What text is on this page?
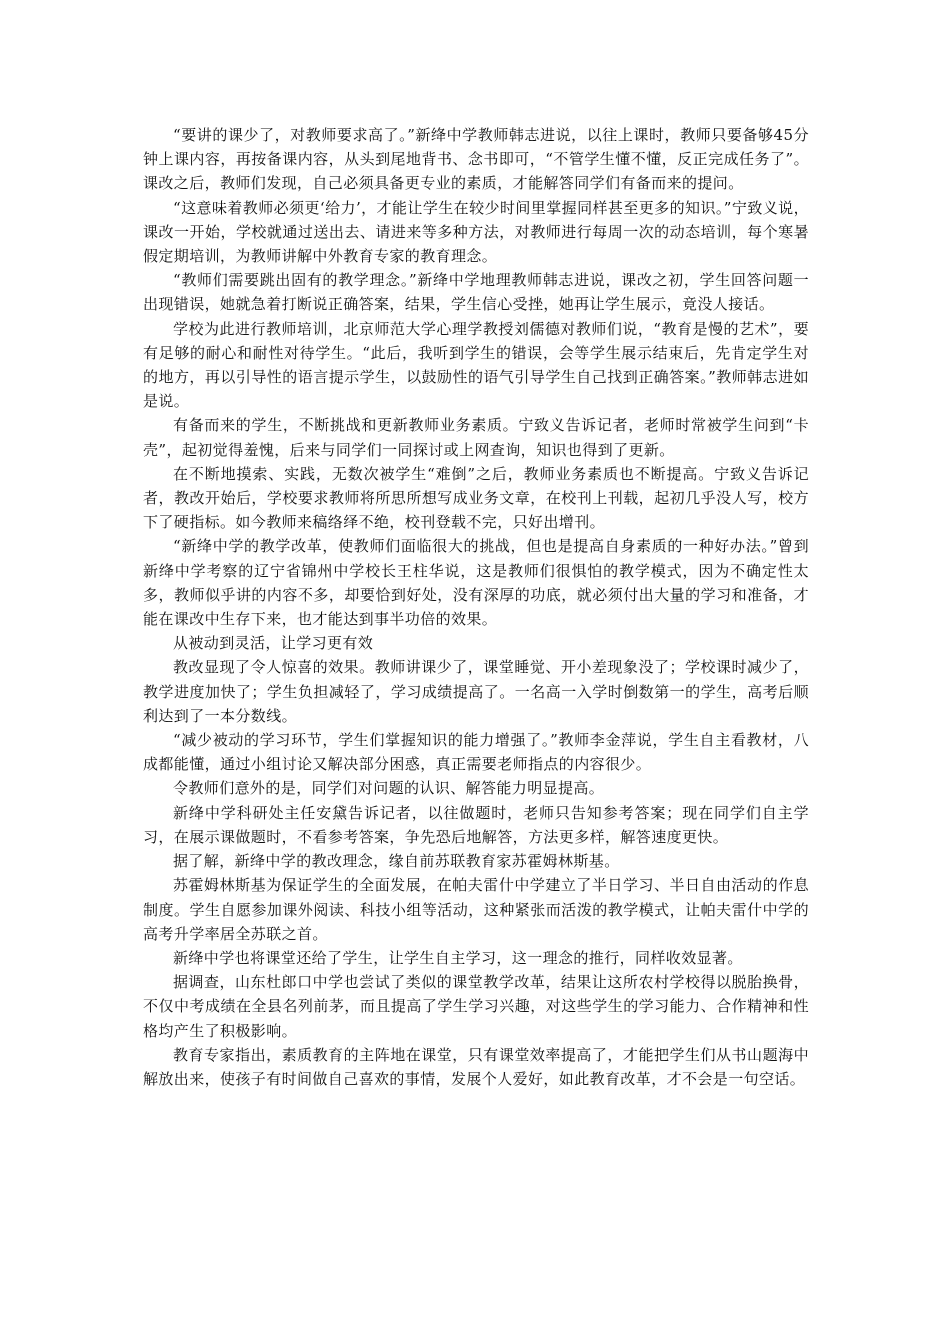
“要讲的课少了，对教师要求高了。”新绛中学教师韩志进说，以往上课时，教师只要备够45分钟上课内容，再按备课内容，从头到尾地背书、念书即可，“不管学生懂不懂，反正完成任务了”。课改之后，教师们发现，自己必须具备更专业的素质，才能解答同学们有备而来的提问。

“这意味着教师必须更‘给力’，才能让学生在较少时间里掌握同样甚至更多的知识。”宁致义说，课改一开始，学校就通过送出去、请进来等多种方法，对教师进行每周一次的动态培训，每个寒暑假定期培训，为教师讲解中外教育专家的教育理念。

“教师们需要跳出固有的教学理念。”新绛中学地理教师韩志进说，课改之初，学生回答问题一出现错误，她就急着打断说正确答案，结果，学生信心受挫，她再让学生展示，竟没人接话。

学校为此进行教师培训，北京师范大学心理学教授刘儒德对教师们说，“教育是慢的艺术”，要有足够的耐心和耐性对待学生。“此后，我听到学生的错误，会等学生展示结束后，先肯定学生对的地方，再以引导性的语言提示学生，以鼓励性的语气引导学生自己找到正确答案。”教师韩志进如是说。

有备而来的学生，不断挑战和更新教师业务素质。宁致义告诉记者，老师时常被学生问到“卡壳”，起初觉得羞愧，后来与同学们一同探讨或上网查询，知识也得到了更新。

在不断地摸索、实践，无数次被学生“难倒”之后，教师业务素质也不断提高。宁致义告诉记者，教改开始后，学校要求教师将所思所想写成业务文章，在校刊上刊载，起初几乎没人写，校方下了硬指标。如今教师来稿络绎不绝，校刊登载不完，只好出增刊。

“新绛中学的教学改革，使教师们面临很大的挑战，但也是提高自身素质的一种好办法。”曾到新绛中学考察的辽宁省锦州中学校长王柱华说，这是教师们很惧怕的教学模式，因为不确定性太多，教师似乎讲的内容不多，却要恰到好处，没有深厚的功底，就必须付出大量的学习和准备，才能在课改中生存下来，也才能达到事半功倍的效果。

从被动到灵活，让学习更有效

教改显现了令人惊喜的效果。教师讲课少了，课堂睡觉、开小差现象没了；学校课时减少了，教学进度加快了；学生负担减轻了，学习成绩提高了。一名高一入学时倒数第一的学生，高考后顺利达到了一本分数线。

“减少被动的学习环节，学生们掌握知识的能力增强了。”教师李金萍说，学生自主看教材，八成都能懂，通过小组讨论又解决部分困惑，真正需要老师指点的内容很少。

令教师们意外的是，同学们对问题的认识、解答能力明显提高。

新绛中学科研处主任安黛告诉记者，以往做题时，老师只告知参考答案；现在同学们自主学习，在展示课做题时，不看参考答案，争先恐后地解答，方法更多样，解答速度更快。

据了解，新绛中学的教改理念，缘自前苏联教育家苏霍姆林斯基。

苏霍姆林斯基为保证学生的全面发展，在帕夫雷什中学建立了半日学习、半日自由活动的作息制度。学生自愿参加课外阅读、科技小组等活动，这种紧张而活泼的教学模式，让帕夫雷什中学的高考升学率居全苏联之首。

新绛中学也将课堂还给了学生，让学生自主学习，这一理念的推行，同样收效显著。

据调查，山东杜郎口中学也尝试了类似的课堂教学改革，结果让这所农村学校得以脱胎换骨，不仅中考成绩在全县名列前茅，而且提高了学生学习兴趣，对这些学生的学习能力、合作精神和性格均产生了积极影响。

教育专家指出，素质教育的主阵地在课堂，只有课堂效率提高了，才能把学生们从书山题海中解放出来，使孩子有时间做自己喜欢的事情，发展个人爱好，如此教育改革，才不会是一句空话。
